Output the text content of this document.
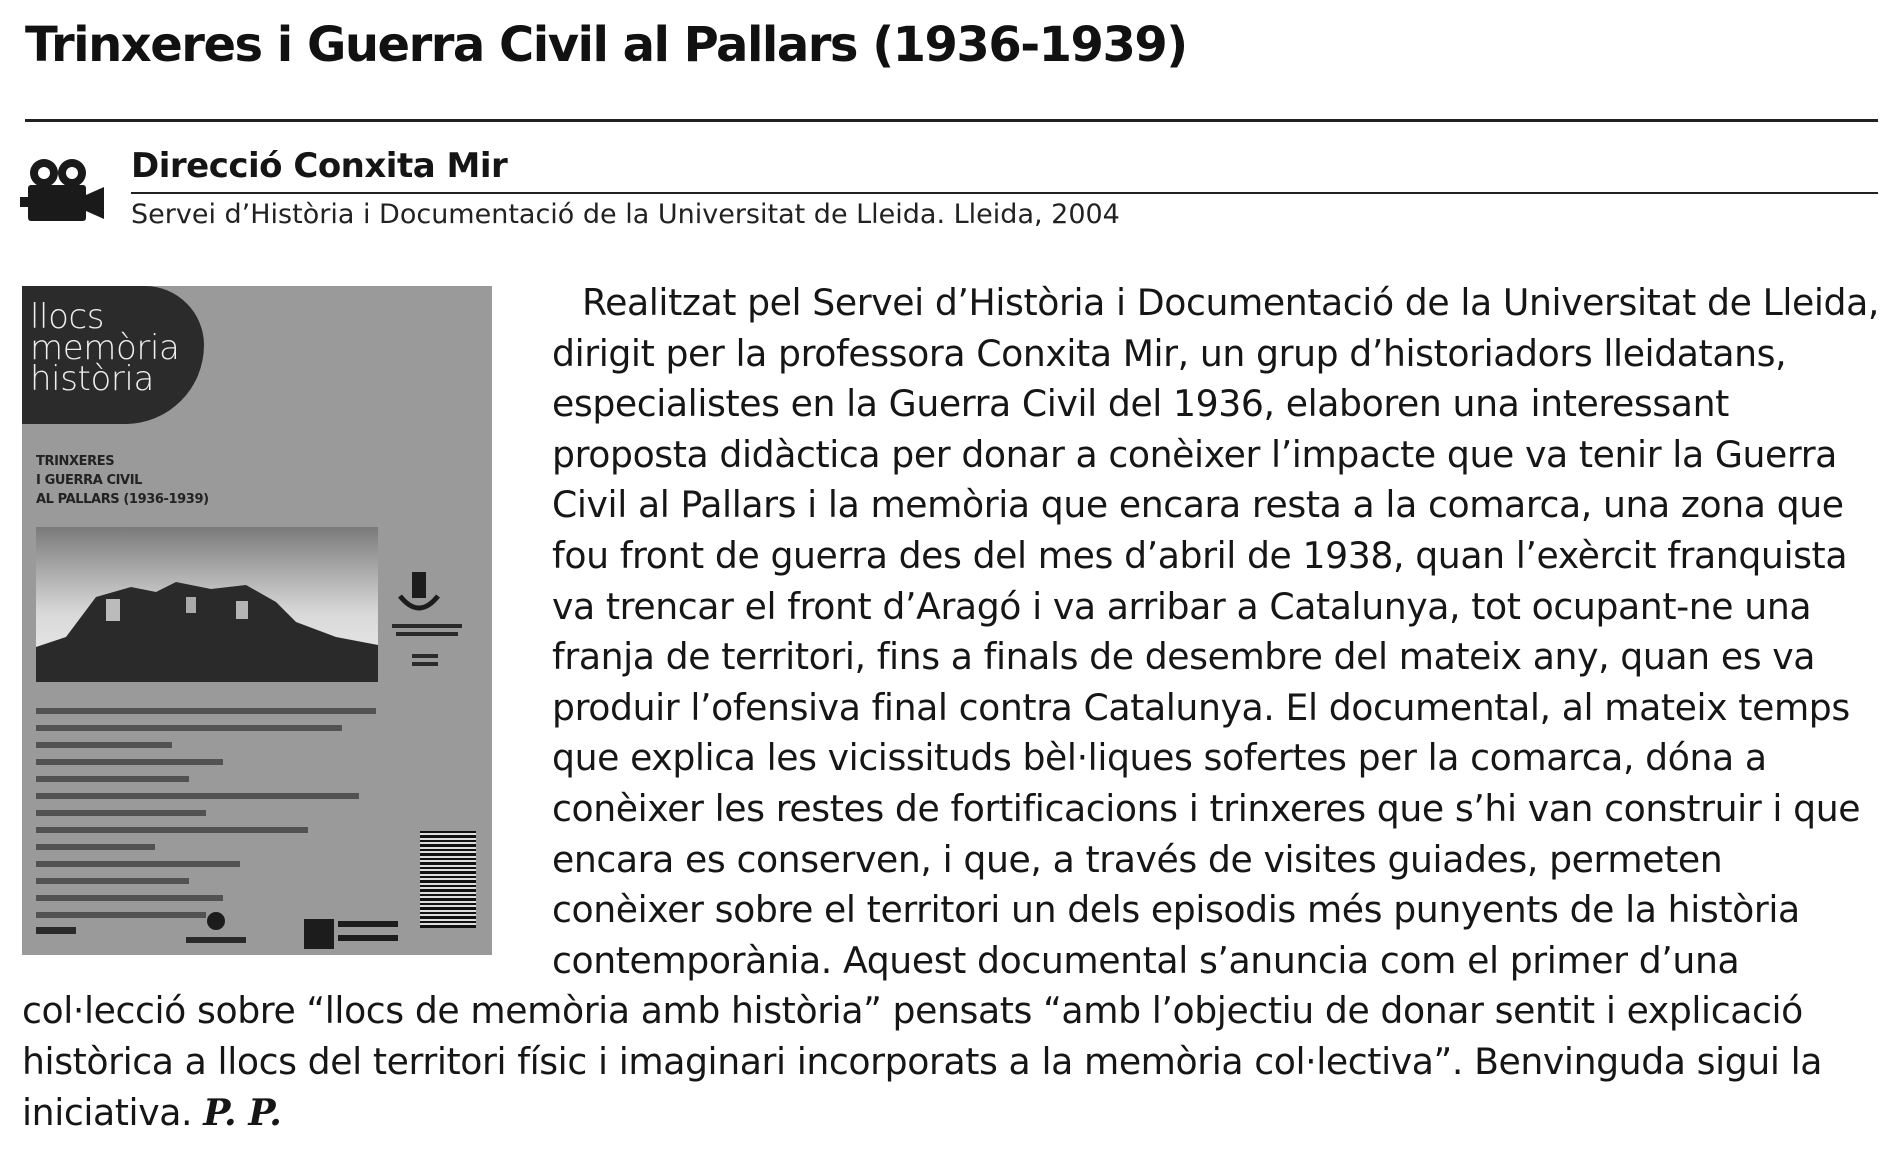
Trinxeres i Guerra Civil al Pallars (1936-1939)
Direcció Conxita Mir
Servei d’Història i Documentació de la Universitat de Lleida. Lleida, 2004
llocs
memòria
història
TRINXERES
I GUERRA CIVIL
AL PALLARS (1936-1939)
Realitzat pel Servei d’Història i Documentació de la Universitat de Lleida, dirigit per la professora Conxita Mir, un grup d’historiadors lleidatans, especialistes en la Guerra Civil del 1936, elaboren una interessant proposta didàctica per donar a conèixer l’impacte que va tenir la Guerra Civil al Pallars i la memòria que encara resta a la comarca, una zona que fou front de guerra des del mes d’abril de 1938, quan l’exèrcit franquista va trencar el front d’Aragó i va arribar a Catalunya, tot ocupant-ne una franja de territori, fins a finals de desembre del mateix any, quan es va produir l’ofensiva final contra Catalunya. El documental, al mateix temps que explica les vicissituds bèl·liques sofertes per la comarca, dóna a conèixer les restes de fortificacions i trinxeres que s’hi van construir i que encara es conserven, i que, a través de visites guiades, permeten conèixer sobre el territori un dels episodis més punyents de la història contemporània. Aquest documental s’anuncia com el primer d’una col·lecció sobre “llocs de memòria amb història” pensats “amb l’objectiu de donar sentit i explicació històrica a llocs del territori físic i imaginari incorporats a la memòria col·lectiva”. Benvinguda sigui la iniciativa. P. P.
